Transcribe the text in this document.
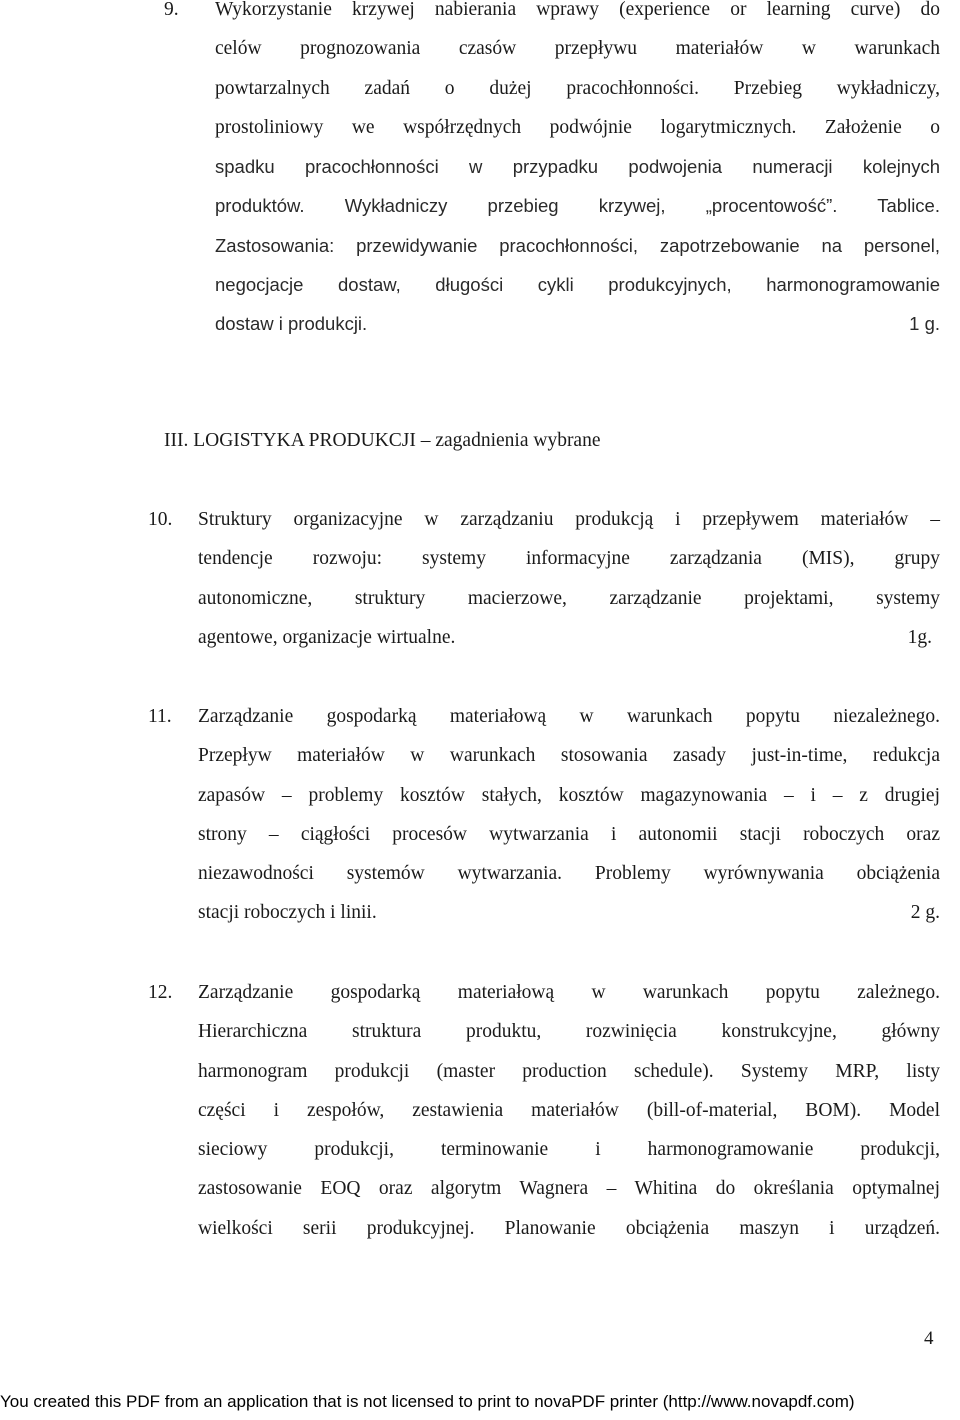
9. Wykorzystanie krzywej nabierania wprawy (experience or learning curve) do
celów prognozowania czasów przepływu materiałów w warunkach
powtarzalnych zadań o dużej pracochłonności. Przebieg wykładniczy,
prostoliniowy we współrzędnych podwójnie logarytmicznych. Założenie o
spadku pracochłonności w przypadku podwojenia numeracji kolejnych
produktów. Wykładniczy przebieg krzywej, „procentowość”. Tablice.
Zastosowania: przewidywanie pracochłonności, zapotrzebowanie na personel,
negocjacje dostaw, długości cykli produkcyjnych, harmonogramowanie
dostaw i produkcji.	1 g.
III. LOGISTYKA PRODUKCJI – zagadnienia wybrane
10. Struktury organizacyjne w zarządzaniu produkcją i przepływem materiałów –
tendencje rozwoju: systemy informacyjne zarządzania (MIS), grupy
autonomiczne, struktury macierzowe, zarządzanie projektami, systemy
agentowe, organizacje wirtualne.	1g.
11. Zarządzanie gospodarką materiałową w warunkach popytu niezależnego.
Przepływ materiałów w warunkach stosowania zasady just-in-time, redukcja
zapasów – problemy kosztów stałych, kosztów magazynowania – i – z drugiej
strony – ciągłości procesów wytwarzania i autonomii stacji roboczych oraz
niezawodności systemów wytwarzania. Problemy wyrównywania obciążenia
stacji roboczych i linii.	2 g.
12. Zarządzanie gospodarką materiałową w warunkach popytu zależnego.
Hierarchiczna struktura produktu, rozwinięcia konstrukcyjne, główny
harmonogram produkcji (master production schedule). Systemy MRP, listy
części i zespołów, zestawienia materiałów (bill-of-material, BOM). Model
sieciowy produkcji, terminowanie i harmonogramowanie produkcji,
zastosowanie EOQ oraz algorytm Wagnera – Whitina do określania optymalnej
wielkości serii produkcyjnej. Planowanie obciążenia maszyn i urządzeń.
4
You created this PDF from an application that is not licensed to print to novaPDF printer (http://www.novapdf.com)
